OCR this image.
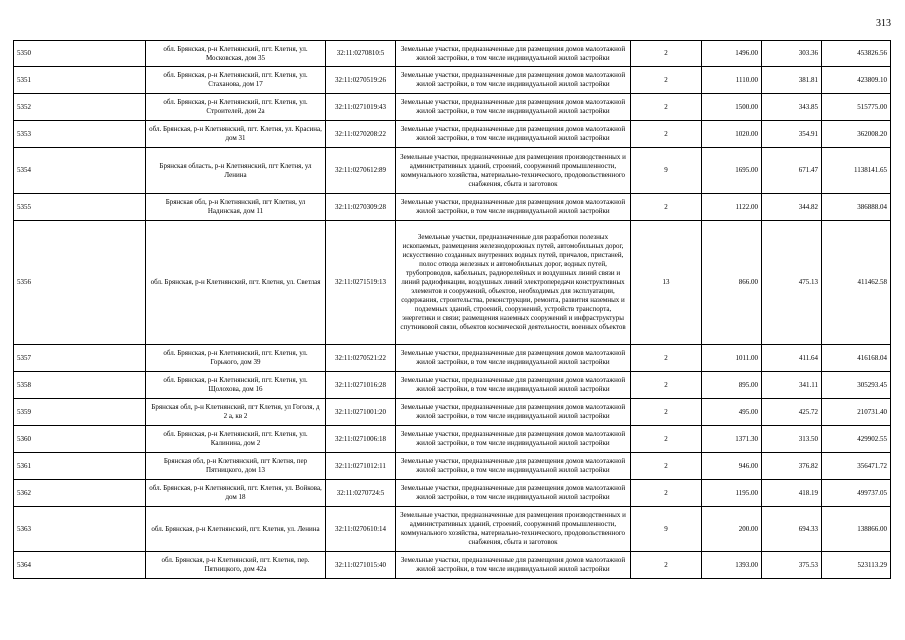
313
5350	обл. Брянская, р-н Клетнянский, пгт. Клетня, ул. Московская, дом 35	32:11:0270810:5	Земельные участки, предназначенные для размещения домов малоэтажной жилой застройки, в том числе индивидуальной жилой застройки	2	1496.00	303.36	453826.56
5351	обл. Брянская, р-н Клетнянский, пгт. Клетня, ул. Стаханова, дом 17	32:11:0270519:26	Земельные участки, предназначенные для размещения домов малоэтажной жилой застройки, в том числе индивидуальной жилой застройки	2	1110.00	381.81	423809.10
5352	обл. Брянская, р-н Клетнянский, пгт. Клетня, ул. Строителей, дом 2а	32:11:0271019:43	Земельные участки, предназначенные для размещения домов малоэтажной жилой застройки, в том числе индивидуальной жилой застройки	2	1500.00	343.85	515775.00
5353	обл. Брянская, р-н Клетнянский, пгт. Клетня, ул. Красина, дом 31	32:11:0270208:22	Земельные участки, предназначенные для размещения домов малоэтажной жилой застройки, в том числе индивидуальной жилой застройки	2	1020.00	354.91	362008.20
5354	Брянская область, р-н Клетнянский, пгт Клетня, ул Ленина	32:11:0270612:89	Земельные участки, предназначенные для размещения производственных и административных зданий, строений, сооружений промышленности, коммунального хозяйства, материально-технического, продовольственного снабжения, сбыта и заготовок	9	1695.00	671.47	1138141.65
5355	Брянская обл, р-н Клетнянский, пгт Клетня, ул Надинская, дом 11	32:11:0270309:28	Земельные участки, предназначенные для размещения домов малоэтажной жилой застройки, в том числе индивидуальной жилой застройки	2	1122.00	344.82	386888.04
5356	обл. Брянская, р-н Клетнянский, пгт. Клетня, ул. Светлая	32:11:0271519:13	Земельные участки, предназначенные для разработки полезных ископаемых, размещения железнодорожных путей, автомобильных дорог, искусственно созданных внутренних водных путей, причалов, пристаней, полос отвода железных и автомобильных дорог, водных путей, трубопроводов, кабельных, радиорелейных и воздушных линий связи и линий радиофикации, воздушных линий электропередачи конструктивных элементов и сооружений, объектов, необходимых для эксплуатации, содержания, строительства, реконструкции, ремонта, развития наземных и подземных зданий, строений, сооружений, устройств транспорта, энергетики и связи; размещения наземных сооружений и инфраструктуры спутниковой связи, объектов космической деятельности, военных объектов	13	866.00	475.13	411462.58
5357	обл. Брянская, р-н Клетнянский, пгт. Клетня, ул. Горького, дом 39	32:11:0270521:22	Земельные участки, предназначенные для размещения домов малоэтажной жилой застройки, в том числе индивидуальной жилой застройки	2	1011.00	411.64	416168.04
5358	обл. Брянская, р-н Клетнянский, пгт. Клетня, ул. Щолохова, дом 16	32:11:0271016:28	Земельные участки, предназначенные для размещения домов малоэтажной жилой застройки, в том числе индивидуальной жилой застройки	2	895.00	341.11	305293.45
5359	Брянская обл, р-н Клетнянский, пгт Клетня, ул Гоголя, д 2 а, кв 2	32:11:0271001:20	Земельные участки, предназначенные для размещения домов малоэтажной жилой застройки, в том числе индивидуальной жилой застройки	2	495.00	425.72	210731.40
5360	обл. Брянская, р-н Клетнянский, пгт. Клетня, ул. Калинина, дом 2	32:11:0271006:18	Земельные участки, предназначенные для размещения домов малоэтажной жилой застройки, в том числе индивидуальной жилой застройки	2	1371.30	313.50	429902.55
5361	Брянская обл, р-н Клетнянский, пгт Клетня, пер Пятницкого, дом 13	32:11:0271012:11	Земельные участки, предназначенные для размещения домов малоэтажной жилой застройки, в том числе индивидуальной жилой застройки	2	946.00	376.82	356471.72
5362	обл. Брянская, р-н Клетнянский, пгт. Клетня, ул. Войкова, дом 18	32:11:0270724:5	Земельные участки, предназначенные для размещения домов малоэтажной жилой застройки, в том числе индивидуальной жилой застройки	2	1195.00	418.19	499737.05
5363	обл. Брянская, р-н Клетнянский, пгт. Клетня, ул. Ленина	32:11:0270610:14	Земельные участки, предназначенные для размещения производственных и административных зданий, строений, сооружений промышленности, коммунального хозяйства, материально-технического, продовольственного снабжения, сбыта и заготовок	9	200.00	694.33	138866.00
5364	обл. Брянская, р-н Клетнянский, пгт. Клетня, пер. Пятницкого, дом 42а	32:11:0271015:40	Земельные участки, предназначенные для размещения домов малоэтажной жилой застройки, в том числе индивидуальной жилой застройки	2	1393.00	375.53	523113.29
